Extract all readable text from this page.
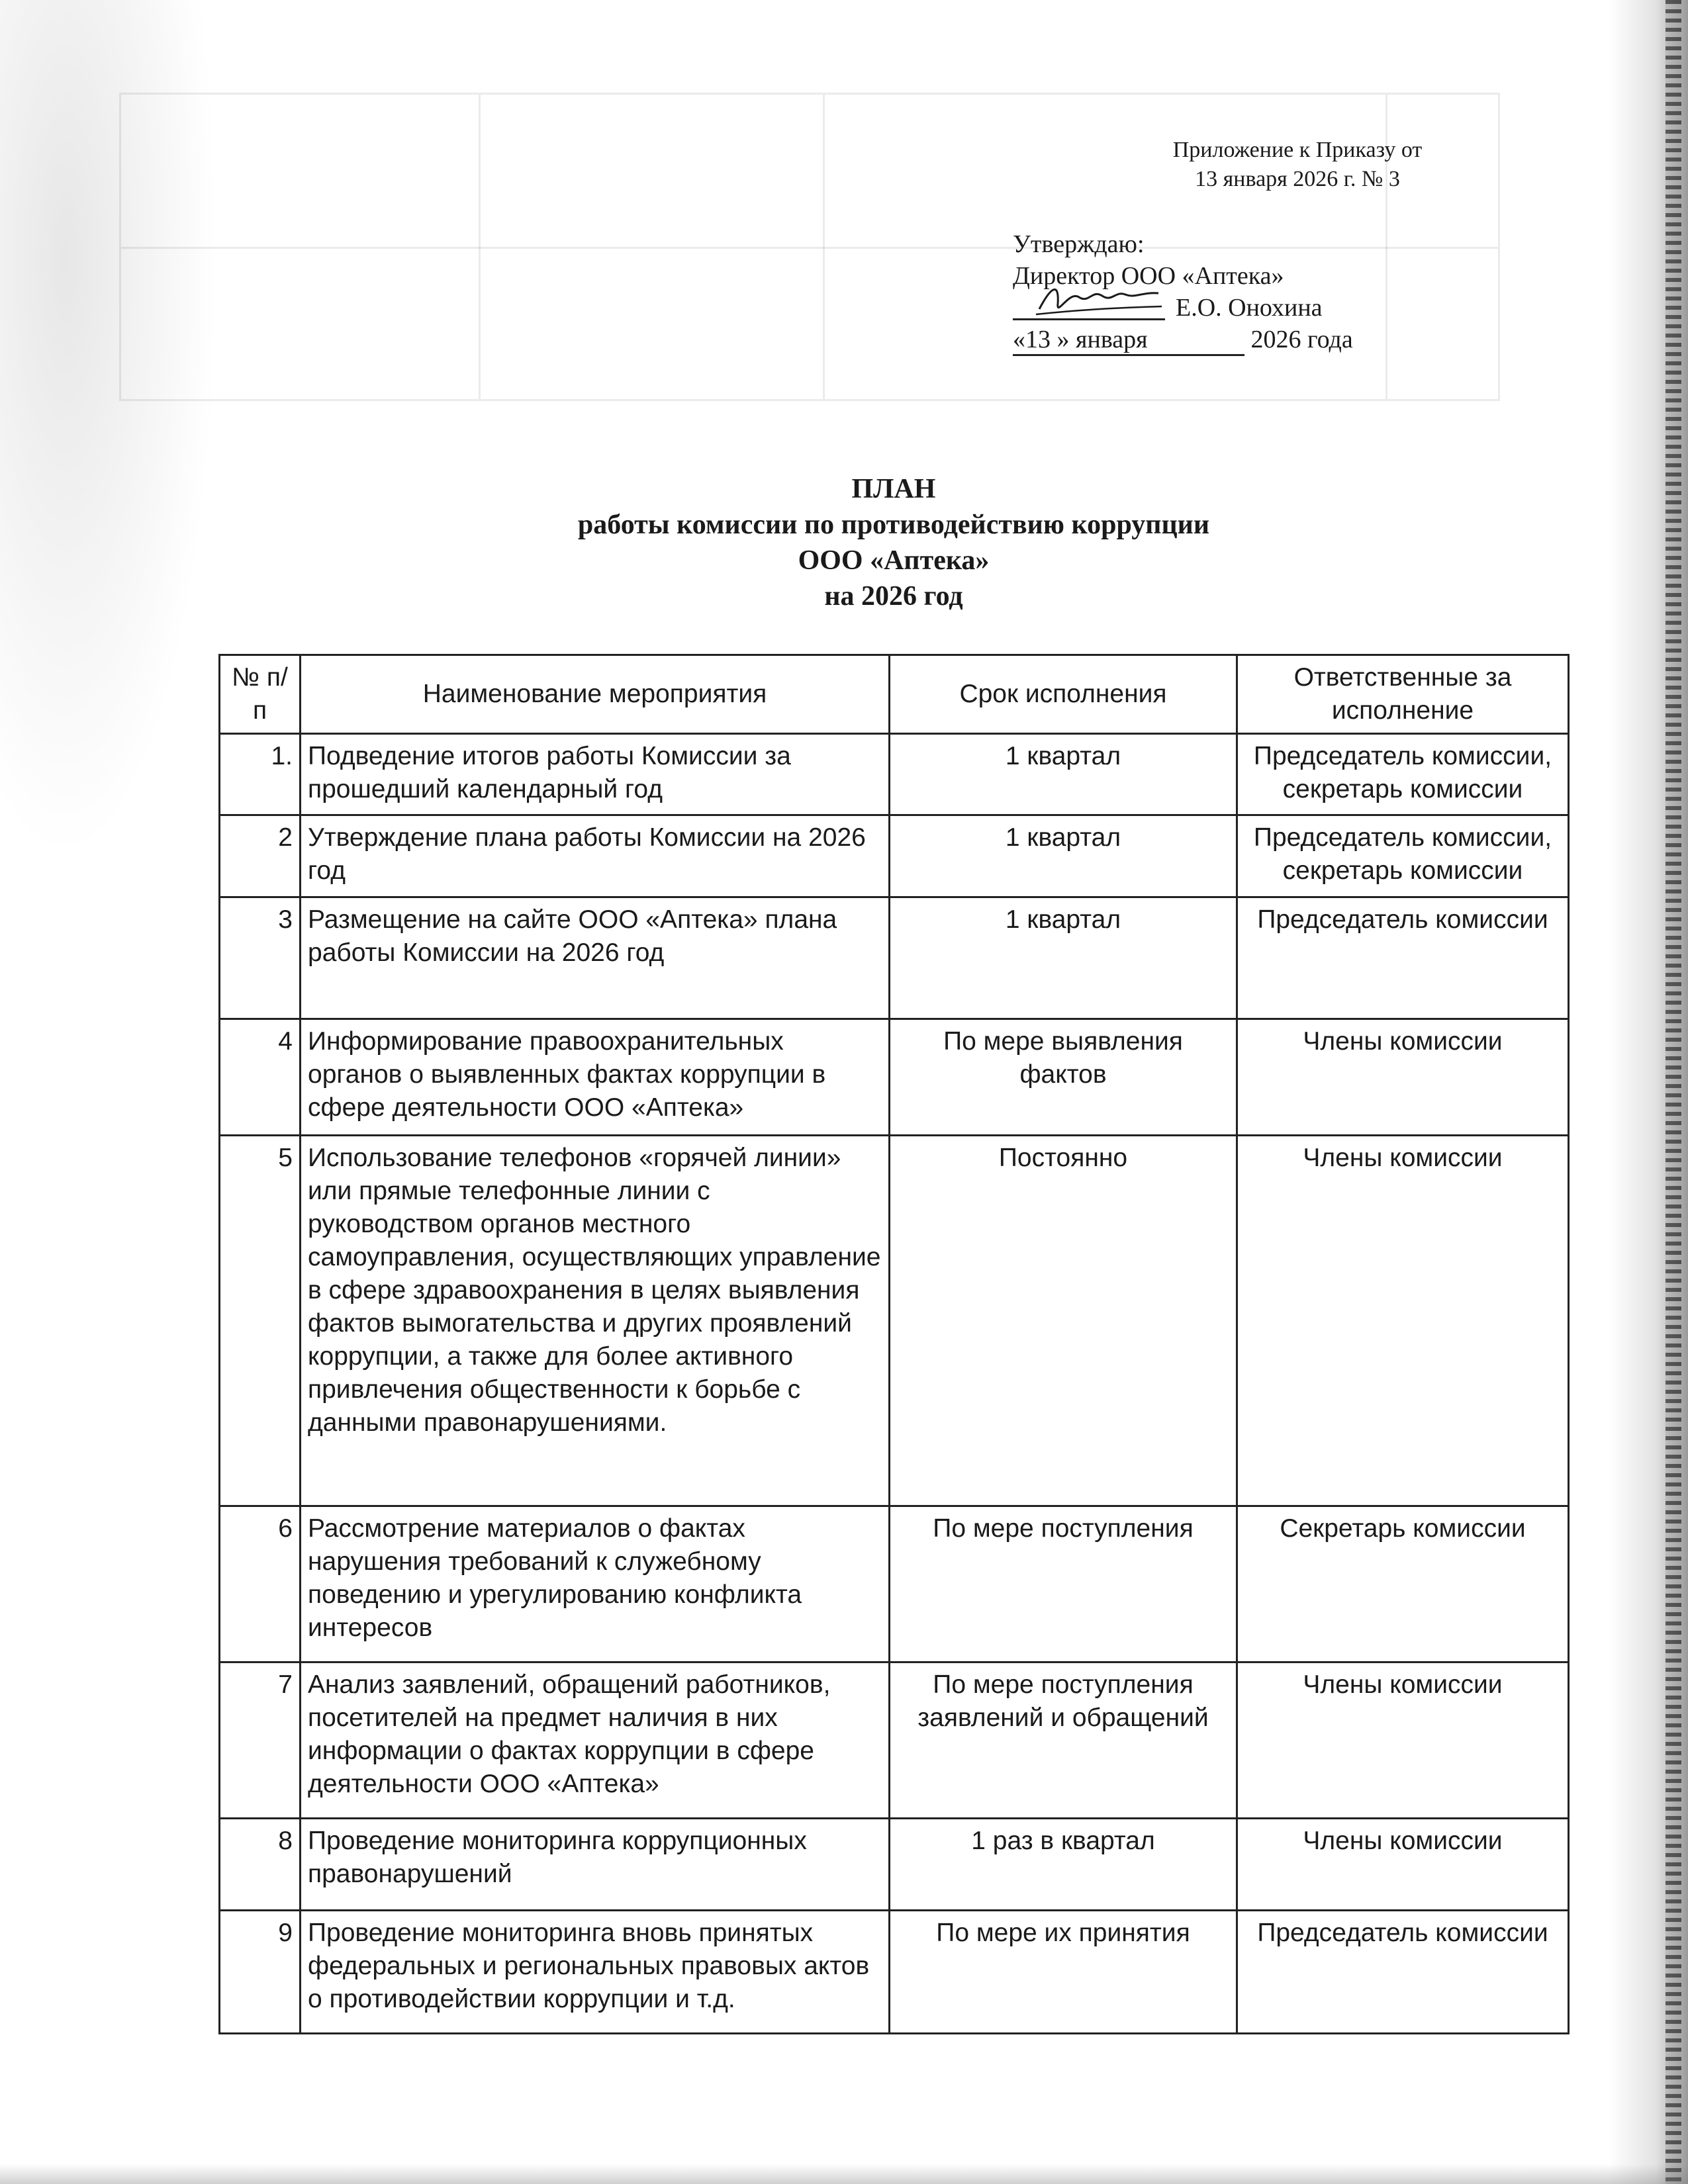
Приложение к Приказу от
13 января 2026 г. № 3
Утверждаю:
Директор ООО «Аптека»
Е.О. Онохина
«13 » января	2026 года
ПЛАН
работы комиссии по противодействию коррупции
ООО «Аптека»
на 2026 год
№ п/п	Наименование мероприятия	Срок исполнения	Ответственные за исполнение
1.	Подведение итогов работы Комиссии за прошедший календарный год	1 квартал	Председатель комиссии, секретарь комиссии
2	Утверждение плана работы Комиссии на 2026 год	1 квартал	Председатель комиссии, секретарь комиссии
3	Размещение на сайте ООО «Аптека» плана работы Комиссии на 2026 год	1 квартал	Председатель комиссии
4	Информирование правоохранительных органов о выявленных фактах коррупции в сфере деятельности ООО «Аптека»	По мере выявления фактов	Члены комиссии
5	Использование телефонов «горячей линии» или прямые телефонные линии с руководством органов местного самоуправления, осуществляющих управление в сфере здравоохранения в целях выявления фактов вымогательства и других проявлений коррупции, а также для более активного привлечения общественности к борьбе с данными правонарушениями.	Постоянно	Члены комиссии
6	Рассмотрение материалов о фактах нарушения требований к служебному поведению и урегулированию конфликта интересов	По мере поступления	Секретарь комиссии
7	Анализ заявлений, обращений работников, посетителей на предмет наличия в них информации о фактах коррупции в сфере деятельности ООО «Аптека»	По мере поступления заявлений и обращений	Члены комиссии
8	Проведение мониторинга коррупционных правонарушений	1 раз в квартал	Члены комиссии
9	Проведение мониторинга вновь принятых федеральных и региональных правовых актов о противодействии коррупции и т.д.	По мере их принятия	Председатель комиссии
